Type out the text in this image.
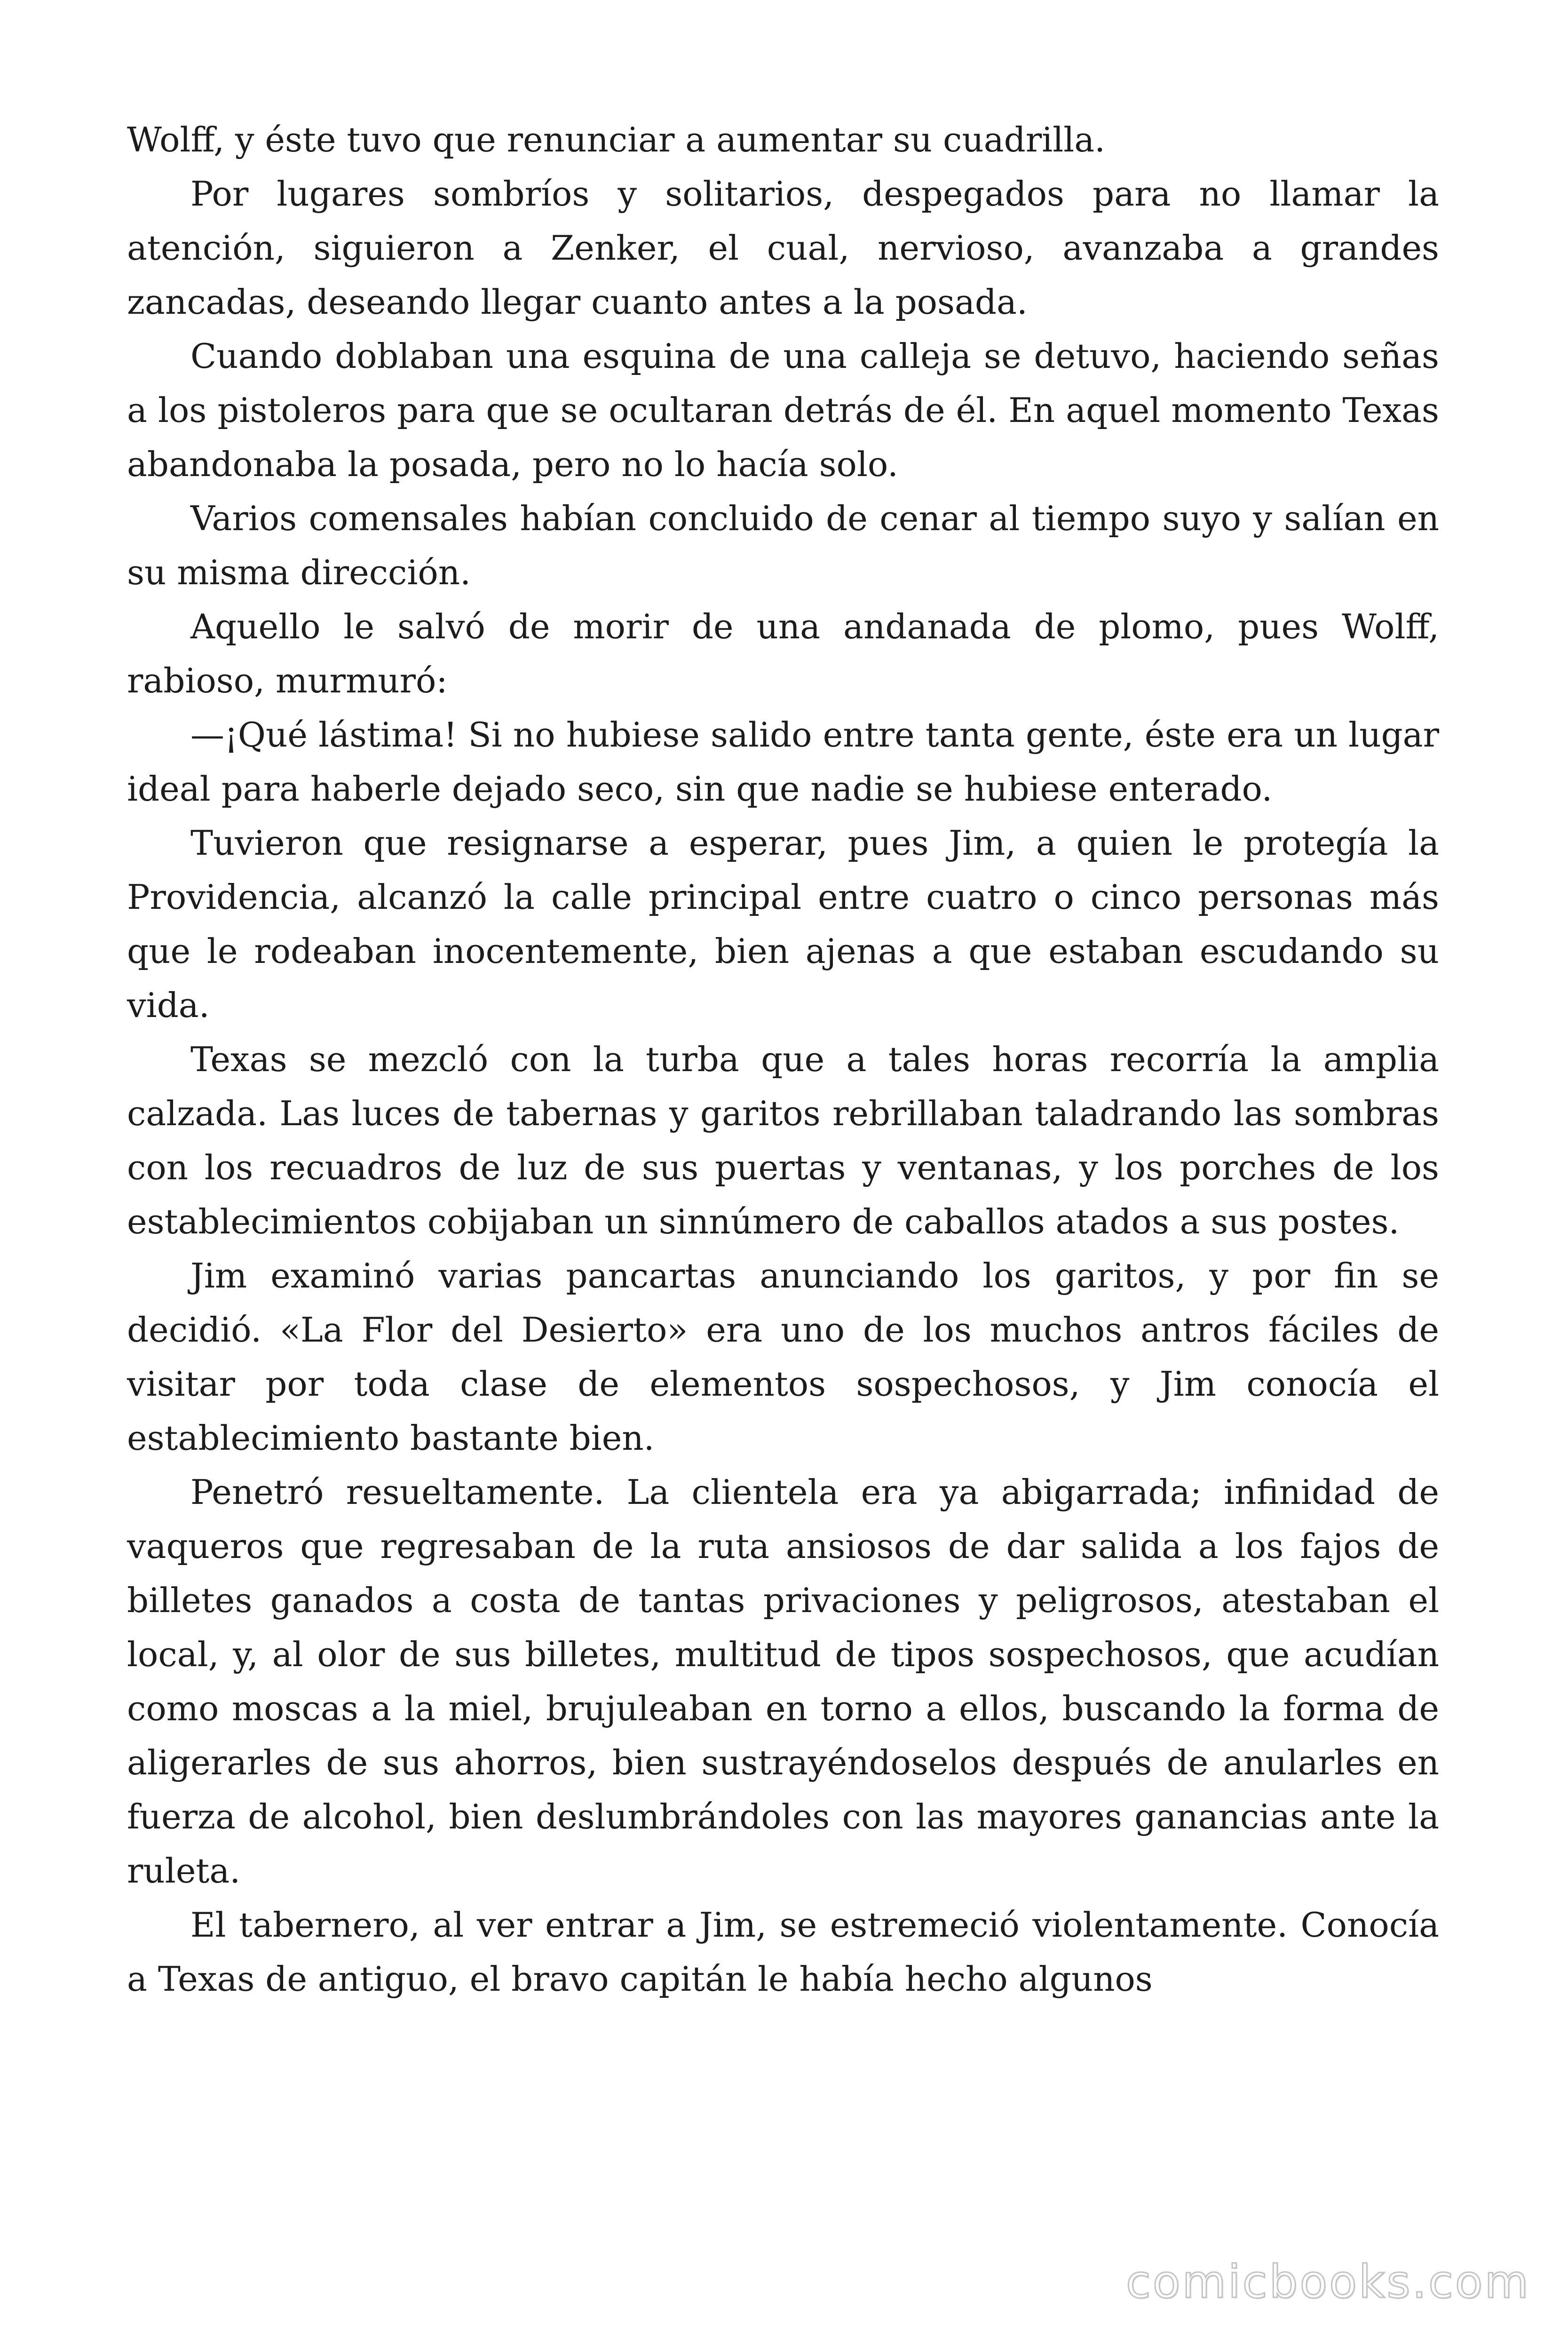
Wolff, y éste tuvo que renunciar a aumentar su cuadrilla.

Por lugares sombríos y solitarios, despegados para no llamar la atención, siguieron a Zenker, el cual, nervioso, avanzaba a grandes zancadas, deseando llegar cuanto antes a la posada.

Cuando doblaban una esquina de una calleja se detuvo, haciendo señas a los pistoleros para que se ocultaran detrás de él. En aquel momento Texas abandonaba la posada, pero no lo hacía solo.

Varios comensales habían concluido de cenar al tiempo suyo y salían en su misma dirección.

Aquello le salvó de morir de una andanada de plomo, pues Wolff, rabioso, murmuró:

—¡Qué lástima! Si no hubiese salido entre tanta gente, éste era un lugar ideal para haberle dejado seco, sin que nadie se hubiese enterado.

Tuvieron que resignarse a esperar, pues Jim, a quien le protegía la Providencia, alcanzó la calle principal entre cuatro o cinco personas más que le rodeaban inocentemente, bien ajenas a que estaban escudando su vida.

Texas se mezcló con la turba que a tales horas recorría la amplia calzada. Las luces de tabernas y garitos rebrillaban taladrando las sombras con los recuadros de luz de sus puertas y ventanas, y los porches de los establecimientos cobijaban un sinnúmero de caballos atados a sus postes.

Jim examinó varias pancartas anunciando los garitos, y por fin se decidió. «La Flor del Desierto» era uno de los muchos antros fáciles de visitar por toda clase de elementos sospechosos, y Jim conocía el establecimiento bastante bien.

Penetró resueltamente. La clientela era ya abigarrada; infinidad de vaqueros que regresaban de la ruta ansiosos de dar salida a los fajos de billetes ganados a costa de tantas privaciones y peligrosos, atestaban el local, y, al olor de sus billetes, multitud de tipos sospechosos, que acudían como moscas a la miel, brujuleaban en torno a ellos, buscando la forma de aligerarles de sus ahorros, bien sustrayéndoselos después de anularles en fuerza de alcohol, bien deslumbrándoles con las mayores ganancias ante la ruleta.

El tabernero, al ver entrar a Jim, se estremeció violentamente. Conocía a Texas de antiguo, el bravo capitán le había hecho algunos

comicbooks.com
